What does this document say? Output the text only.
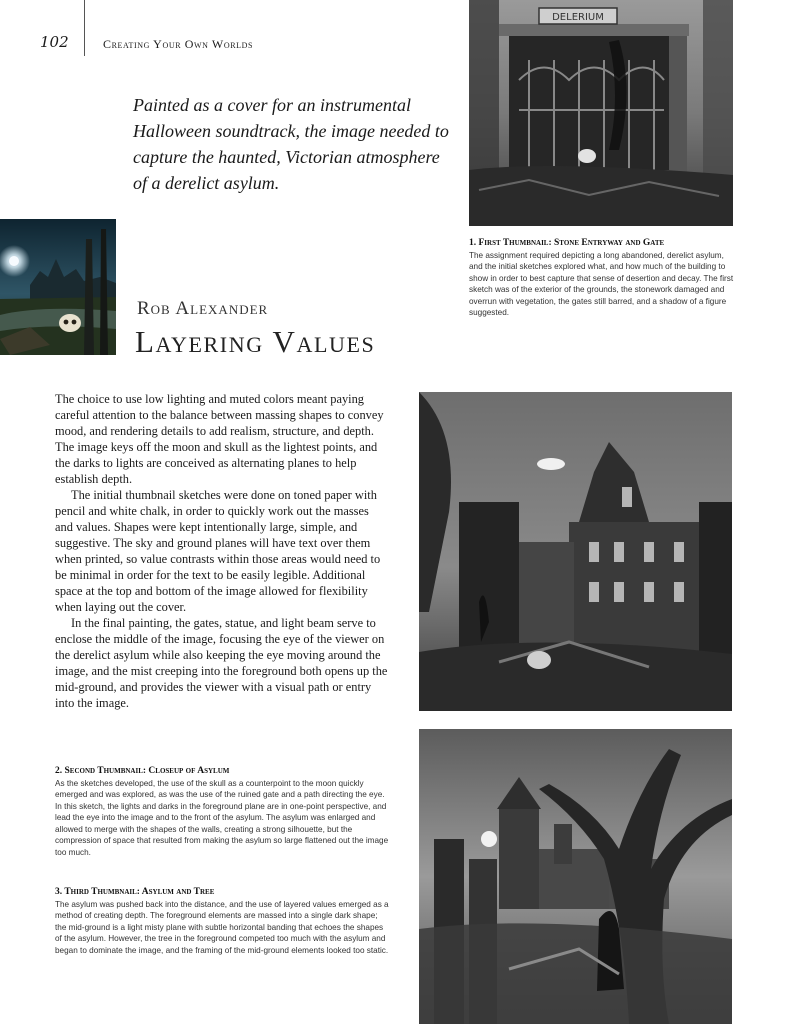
102	Creating Your Own Worlds
Painted as a cover for an instrumental Halloween soundtrack, the image needed to capture the haunted, Victorian atmosphere of a derelict asylum.
Rob Alexander
Layering Values

The choice to use low lighting and muted colors meant paying careful attention to the balance between massing shapes to convey mood, and rendering details to add realism, structure, and depth. The image keys off the moon and skull as the lightest points, and the darks to lights are conceived as alternating planes to help establish depth.

The initial thumbnail sketches were done on toned paper with pencil and white chalk, in order to quickly work out the masses and values. Shapes were kept intentionally large, simple, and suggestive. The sky and ground planes will have text over them when printed, so value contrasts within those areas would need to be minimal in order for the text to be easily legible. Additional space at the top and bottom of the image allowed for flexibility when laying out the cover.

In the final painting, the gates, statue, and light beam serve to enclose the middle of the image, focusing the eye of the viewer on the derelict asylum while also keeping the eye moving around the image, and the mist creeping into the foreground both opens up the mid-ground, and provides the viewer with a visual path or entry into the image.

DELERIUM
1. First Thumbnail: Stone Entryway and Gate
The assignment required depicting a long abandoned, derelict asylum, and the initial sketches explored what, and how much of the building to show in order to best capture that sense of desertion and decay. The first sketch was of the exterior of the grounds, the stonework damaged and overrun with vegetation, the gates still barred, and a shadow of a figure suggested.
2. Second Thumbnail: Closeup of Asylum
As the sketches developed, the use of the skull as a counterpoint to the moon quickly emerged and was explored, as was the use of the ruined gate and a path directing the eye. In this sketch, the lights and darks in the foreground plane are in one-point perspective, and lead the eye into the image and to the front of the asylum. The asylum was enlarged and allowed to merge with the shapes of the walls, creating a strong silhouette, but the compression of space that resulted from making the asylum so large flattened out the image too much.
3. Third Thumbnail: Asylum and Tree
The asylum was pushed back into the distance, and the use of layered values emerged as a method of creating depth. The foreground elements are massed into a single dark shape; the mid-ground is a light misty plane with subtle horizontal banding that echoes the shapes of the asylum. However, the tree in the foreground competed too much with the asylum and began to dominate the image, and the framing of the mid-ground elements looked too static.
